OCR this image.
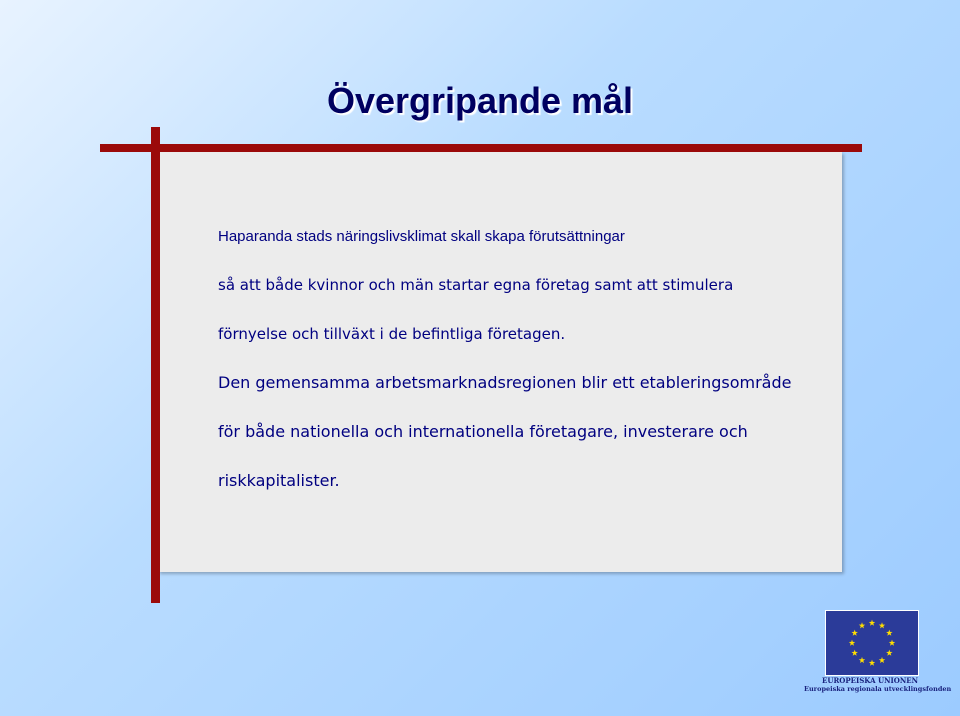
Övergripande mål

Haparanda stads näringslivsklimat skall skapa förutsättningar
så att både kvinnor och män startar egna företag samt att stimulera
förnyelse och tillväxt i de befintliga företagen.

Den gemensamma arbetsmarknadsregionen blir ett etableringsområde
för både nationella och internationella företagare, investerare och
riskkapitalister.

EUROPEISKA UNIONEN
Europeiska regionala utvecklingsfonden
